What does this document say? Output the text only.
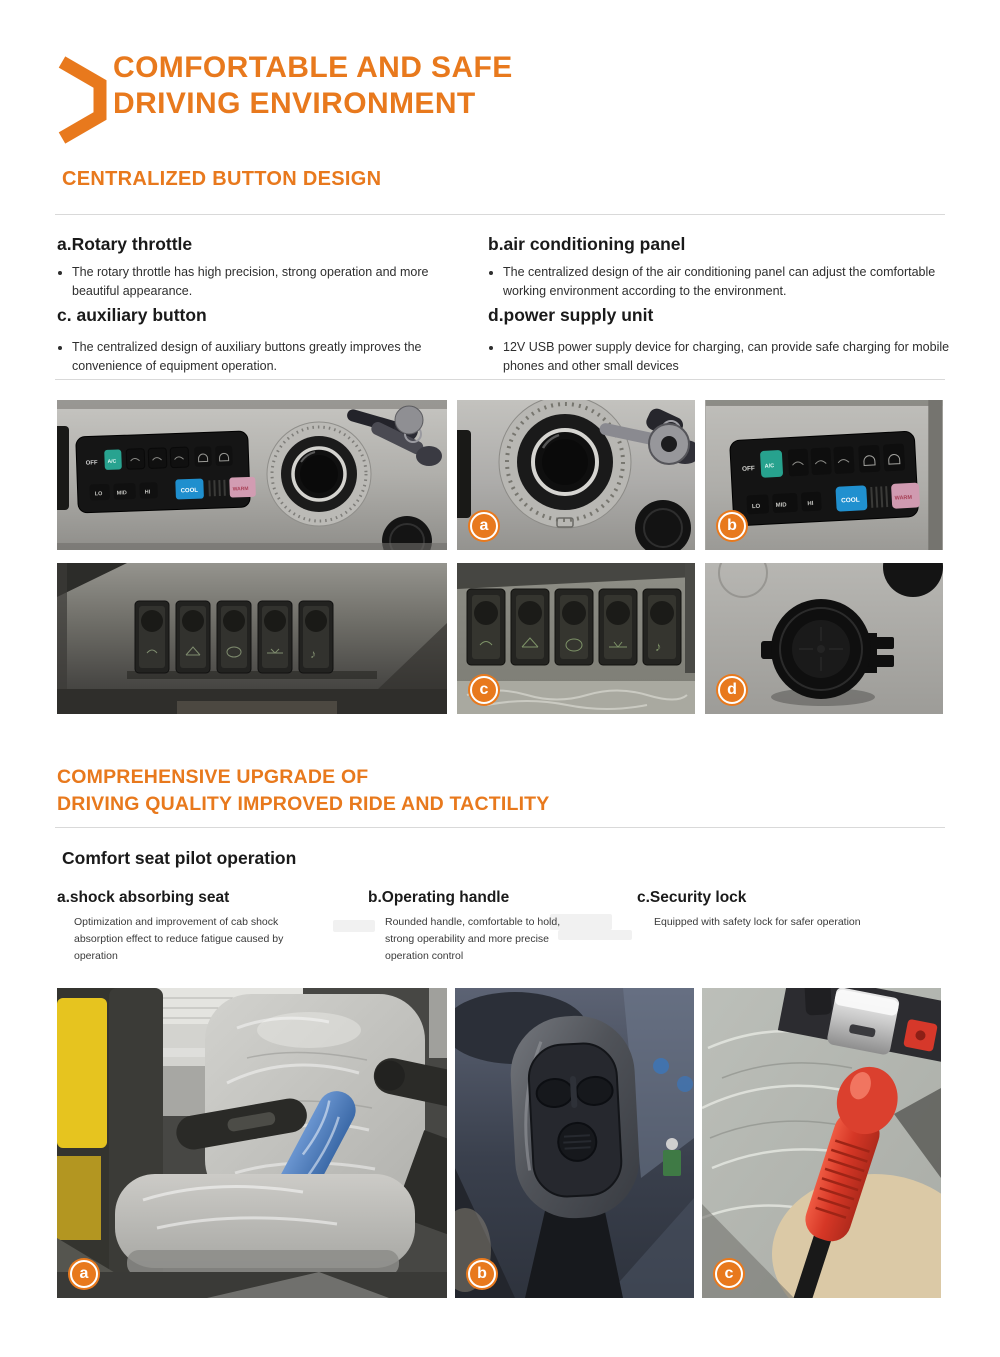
COMFORTABLE AND SAFE
DRIVING ENVIRONMENT
CENTRALIZED BUTTON DESIGN
a.Rotary throttle
• The rotary throttle has high precision, strong operation and more beautiful appearance.
b.air conditioning panel
• The centralized design of the air conditioning panel can adjust the comfortable working environment according to the environment.
c. auxiliary button
• The centralized design of auxiliary buttons greatly improves the convenience of equipment operation.
d.power supply unit
• 12V USB power supply device for charging, can provide safe charging for mobile phones and other small devices
OFF A/C
LO	MID	HI	COOL	WARM
a
OFF A/C
LO	MID	HI	COOL	WARM
b
♪	♪
c	d
COMPREHENSIVE UPGRADE OF
DRIVING QUALITY IMPROVED RIDE AND TACTILITY
Comfort seat pilot operation
a.shock absorbing seat
Optimization and improvement of cab shock absorption effect to reduce fatigue caused by operation
b.Operating handle
Rounded handle, comfortable to hold, strong operability and more precise operation control
c.Security lock
Equipped with safety lock for safer operation
a	b	c
